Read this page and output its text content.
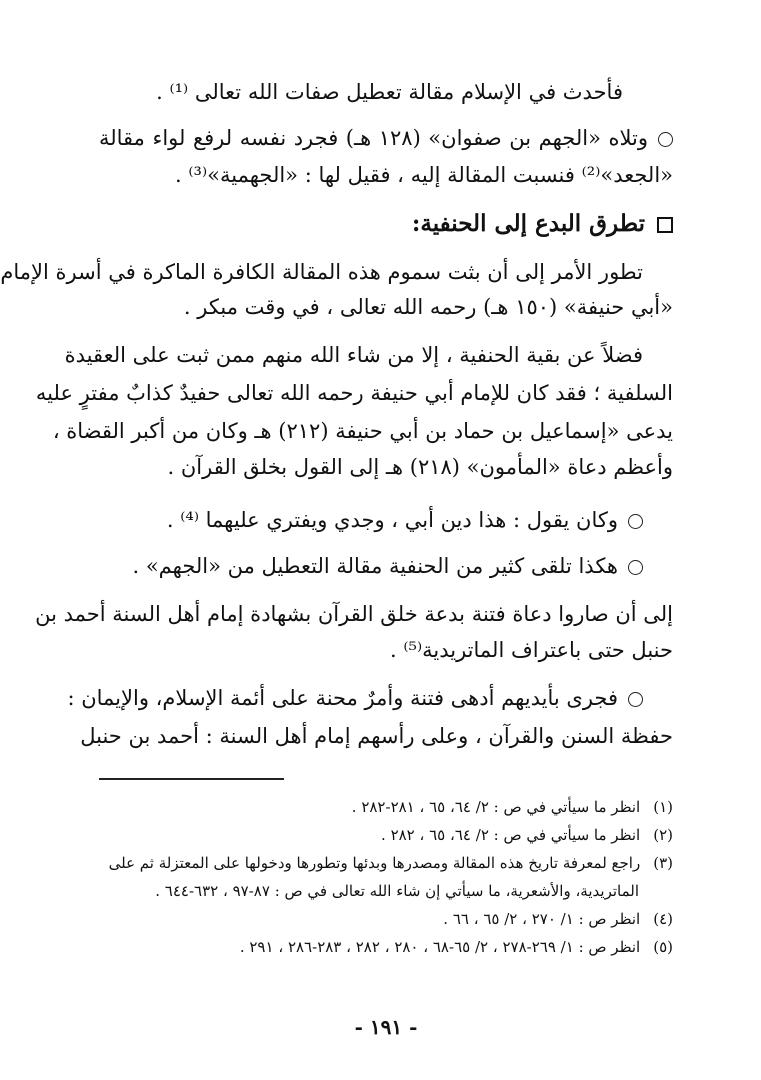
فأحدث في الإسلام مقالة تعطيل صفات الله تعالى ⁽¹⁾ .
وتلاه «الجهم بن صفوان» (١٢٨ هـ) فجرد نفسه لرفع لواء مقالة
«الجعد»⁽²⁾ فنسبت المقالة إليه ، فقيل لها : «الجهمية»⁽³⁾ .
تطرق البدع إلى الحنفية:
تطور الأمر إلى أن بثت سموم هذه المقالة الكافرة الماكرة في أسرة الإمام
«أبي حنيفة» (١٥٠ هـ) رحمه الله تعالى ، في وقت مبكر .
فضلاً عن بقية الحنفية ، إلا من شاء الله منهم ممن ثبت على العقيدة
السلفية ؛ فقد كان للإمام أبي حنيفة رحمه الله تعالى حفيدٌ كذابٌ مفترٍ عليه
يدعى «إسماعيل بن حماد بن أبي حنيفة (٢١٢) هـ وكان من أكبر القضاة ،
وأعظم دعاة «المأمون» (٢١٨) هـ إلى القول بخلق القرآن .
وكان يقول : هذا دين أبي ، وجدي ويفتري عليهما ⁽⁴⁾ .
هكذا تلقى كثير من الحنفية مقالة التعطيل من «الجهم» .
إلى أن صاروا دعاة فتنة بدعة خلق القرآن بشهادة إمام أهل السنة أحمد بن
حنبل حتى باعتراف الماتريدية⁽⁵⁾ .
فجرى بأيديهم أدهى فتنة وأمرٌ محنة على أئمة الإسلام، والإيمان :
حفظة السنن والقرآن ، وعلى رأسهم إمام أهل السنة : أحمد بن حنبل
(١) انظر ما سيأتي في ص : ٢/ ٦٤، ٦٥ ، ٢٨١-٢٨٢ .
(٢) انظر ما سيأتي في ص : ٢/ ٦٤، ٦٥ ، ٢٨٢ .
(٣) راجع لمعرفة تاريخ هذه المقالة ومصدرها وبدئها وتطورها ودخولها على المعتزلة ثم على
الماتريدية، والأشعرية، ما سيأتي إن شاء الله تعالى في ص : ٨٧-٩٧ ، ٦٣٢-٦٤٤ .
(٤) انظر ص : ١/ ٢٧٠ ، ٢/ ٦٥ ، ٦٦ .
(٥) انظر ص : ١/ ٢٦٩-٢٧٨ ، ٢/ ٦٥-٦٨ ، ٢٨٠ ، ٢٨٢ ، ٢٨٣-٢٨٦ ، ٢٩١ .
- ١٩١ -
